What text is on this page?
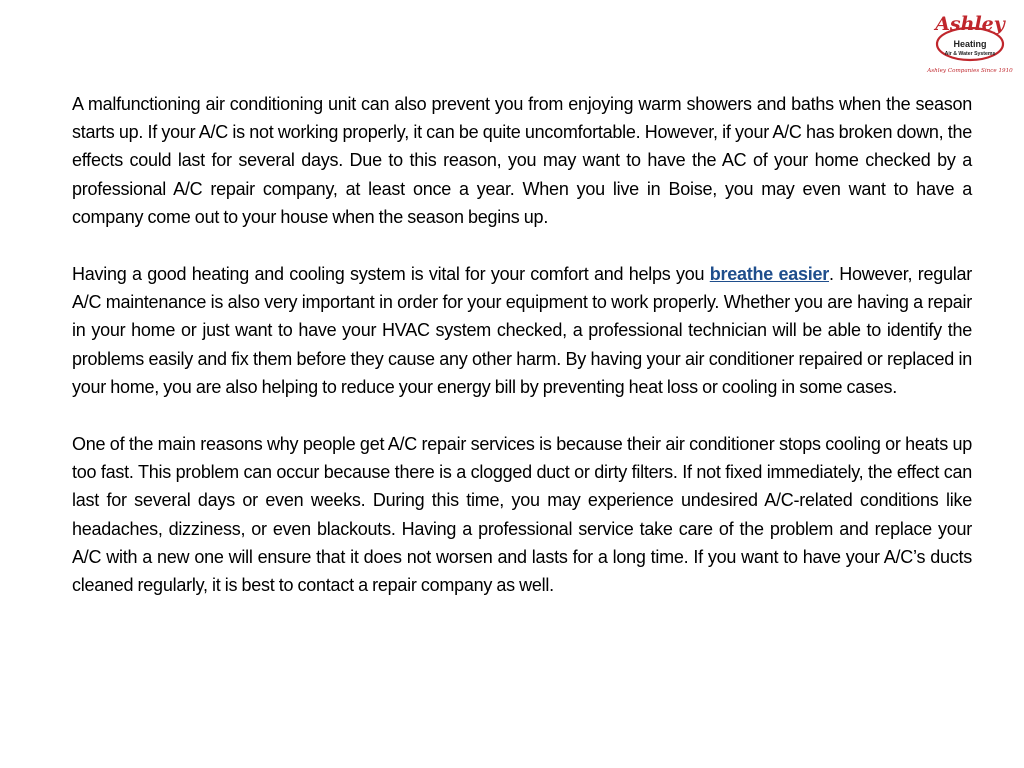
Ashley
Heating
Air & Water Systems
Ashley Companies Since 1910

A malfunctioning air conditioning unit can also prevent you from enjoying warm showers and baths when the season starts up. If your A/C is not working properly, it can be quite uncomfortable. However, if your A/C has broken down, the effects could last for several days. Due to this reason, you may want to have the AC of your home checked by a professional A/C repair company, at least once a year. When you live in Boise, you may even want to have a company come out to your house when the season begins up.

Having a good heating and cooling system is vital for your comfort and helps you breathe easier. However, regular A/C maintenance is also very important in order for your equipment to work properly. Whether you are having a repair in your home or just want to have your HVAC system checked, a professional technician will be able to identify the problems easily and fix them before they cause any other harm. By having your air conditioner repaired or replaced in your home, you are also helping to reduce your energy bill by preventing heat loss or cooling in some cases.

One of the main reasons why people get A/C repair services is because their air conditioner stops cooling or heats up too fast. This problem can occur because there is a clogged duct or dirty filters. If not fixed immediately, the effect can last for several days or even weeks. During this time, you may experience undesired A/C-related conditions like headaches, dizziness, or even blackouts. Having a professional service take care of the problem and replace your A/C with a new one will ensure that it does not worsen and lasts for a long time. If you want to have your A/C’s ducts cleaned regularly, it is best to contact a repair company as well.
